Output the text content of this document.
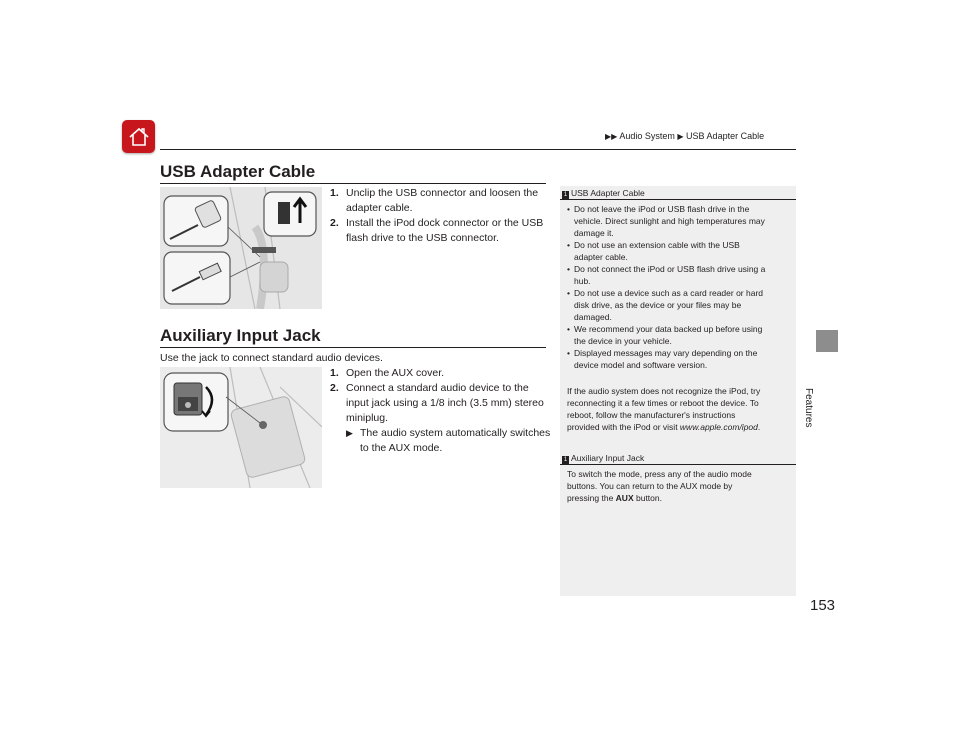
▶▶ Audio System ▶ USB Adapter Cable
Features
USB Adapter Cable
1. Unclip the USB connector and loosen the
adapter cable.
2. Install the iPod dock connector or the USB
flash drive to the USB connector.
Auxiliary Input Jack
Use the jack to connect standard audio devices.
1. Open the AUX cover.
2. Connect a standard audio device to the
input jack using a 1/8 inch (3.5 mm) stereo
miniplug.
▶ The audio system automatically switches
to the AUX mode.
1 USB Adapter Cable
• Do not leave the iPod or USB flash drive in the
vehicle. Direct sunlight and high temperatures may
damage it.
• Do not use an extension cable with the USB
adapter cable.
• Do not connect the iPod or USB flash drive using a
hub.
• Do not use a device such as a card reader or hard
disk drive, as the device or your files may be
damaged.
• We recommend your data backed up before using
the device in your vehicle.
• Displayed messages may vary depending on the
device model and software version.
If the audio system does not recognize the iPod, try
reconnecting it a few times or reboot the device. To
reboot, follow the manufacturer's instructions
provided with the iPod or visit www.apple.com/ipod.
1 Auxiliary Input Jack
To switch the mode, press any of the audio mode
buttons. You can return to the AUX mode by
pressing the AUX button.
153
